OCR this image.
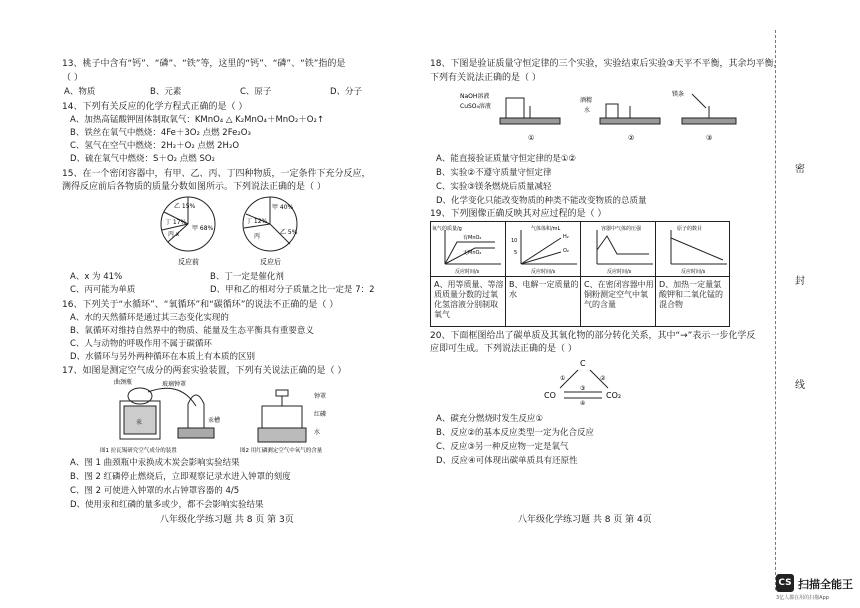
13、桃子中含有“钙”、“磷”、“铁”等，这里的“钙”、“磷”、“铁”指的是
（ ）
A、物质	B、元素	C、原子	D、分子
14、下列有关反应的化学方程式正确的是（ ）
A、加热高锰酸钾固体制取氧气：KMnO₄ △ K₂MnO₄＋MnO₂＋O₂↑
B、铁丝在氧气中燃烧：4Fe＋3O₂ 点燃 2Fe₂O₃
C、氢气在空气中燃烧：2H₂＋O₂ 点燃 2H₂O
D、硫在氧气中燃烧：S＋O₂ 点燃 SO₂
15、在一个密闭容器中，有甲、乙、丙、丁四种物质，一定条件下充分反应，
测得反应前后各物质的质量分数如图所示。下列说法正确的是（ ）
乙 15%
丁 17%
丙 x
甲 68%
反应前
甲 40%
丁 12%
丙
乙 5%
反应后
A、x 为 41%	B、丁一定是催化剂
C、丙可能为单质	D、甲和乙的相对分子质量之比一定是 7：2
16、下列关于“水循环”、“氧循环”和“碳循环”的说法不正确的是（ ）
A、水的天然循环是通过其三态变化实现的
B、氧循环对维持自然界中的物质、能量及生态平衡具有重要意义
C、人与动物的呼吸作用不属于碳循环
D、水循环与另外两种循环在本质上有本质的区别
17、如图是测定空气成分的两套实验装置，下列有关说法正确的是（ ）
曲颈瓶	玻璃钟罩
汞槽
汞
图1 拉瓦锡研究空气成分的装置
钟罩
红磷
水
图2 用红磷测定空气中氧气的含量
A、图 1 曲颈瓶中汞换成木炭会影响实验结果
B、图 2 红磷停止燃烧后，立即观察记录水进入钟罩的刻度
C、图 2 可使进入钟罩的水占钟罩容器的 4/5
D、使用汞和红磷的量多或少，都不会影响实验结果
八年级化学练习题 共 8 页 第 3页
18、下图是验证质量守恒定律的三个实验，实验结束后实验③天平不平衡，其余均平衡，
下列有关说法正确的是（ ）
NaOH溶液
CuSO₄溶液
①
酒精
水
②
镁条
③
A、能直接验证质量守恒定律的是①②
B、实验②不遵守质量守恒定律
C、实验③镁条燃烧后质量减轻
D、化学变化只能改变物质的种类不能改变物质的总质量
19、下列图像正确反映其对应过程的是（ ）
氧气的质量/g
有MnO₂
无MnO₂
反应时间/s
气体体积/mL
10
5
H₂
O₂
反应时间/s
容器中气体的压强
反应时间/s
原子的数目
反应时间/s
A、用等质量、等溶质质量分数的过氧化氢溶液分别制取氧气
B、电解一定质量的水
C、在密闭容器中用铜粉测定空气中氧气的含量
D、加热一定量氯酸钾和二氧化锰的混合物
20、下面框图给出了碳单质及其氧化物的部分转化关系，其中“→”表示一步化学反
应即可生成。下列说法正确的是（ ）
C
CO	CO₂
①	②
③
④
A、碳充分燃烧时发生反应①
B、反应②的基本反应类型一定为化合反应
C、反应③另一种反应物一定是氧气
D、反应④可体现出碳单质具有还原性
八年级化学练习题 共 8 页 第 4页
密
封
线
CS 扫描全能王
3亿人都在用的扫描App
